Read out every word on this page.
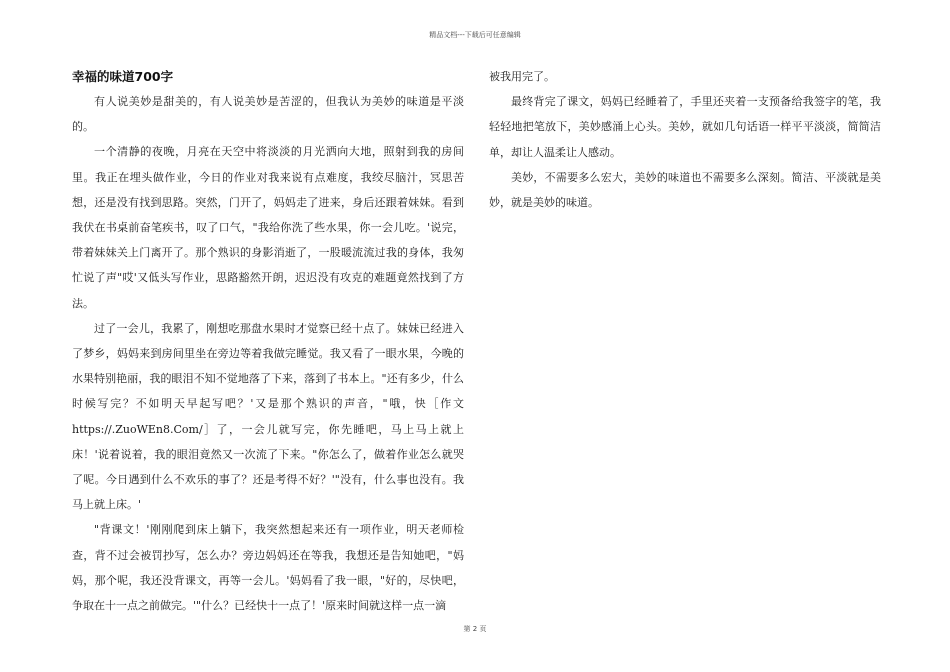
精品文档---下载后可任意编辑
幸福的味道700字

有人说美妙是甜美的，有人说美妙是苦涩的，但我认为美妙的味道是平淡的。

一个清静的夜晚，月亮在天空中将淡淡的月光洒向大地，照射到我的房间里。我正在埋头做作业，今日的作业对我来说有点难度，我绞尽脑汁，冥思苦想，还是没有找到思路。突然，门开了，妈妈走了进来，身后还跟着妹妹。看到我伏在书桌前奋笔疾书，叹了口气，"我给你洗了些水果，你一会儿吃。'说完，带着妹妹关上门离开了。那个熟识的身影消逝了，一股暖流流过我的身体，我匆忙说了声"哎'又低头写作业，思路豁然开朗，迟迟没有攻克的难题竟然找到了方法。

过了一会儿，我累了，刚想吃那盘水果时才觉察已经十点了。妹妹已经进入了梦乡，妈妈来到房间里坐在旁边等着我做完睡觉。我又看了一眼水果，今晚的水果特别艳丽，我的眼泪不知不觉地落了下来，落到了书本上。"还有多少，什么时候写完？不如明天早起写吧？'又是那个熟识的声音，"哦，快［作文https://.ZuoWEn8.Com/］了，一会儿就写完，你先睡吧，马上马上就上床！'说着说着，我的眼泪竟然又一次流了下来。"你怎么了，做着作业怎么就哭了呢。今日遇到什么不欢乐的事了？还是考得不好？'"没有，什么事也没有。我马上就上床。'

"背课文！'刚刚爬到床上躺下，我突然想起来还有一项作业，明天老师检查，背不过会被罚抄写，怎么办？旁边妈妈还在等我，我想还是告知她吧，"妈妈，那个呢，我还没背课文，再等一会儿。'妈妈看了我一眼，"好的，尽快吧，争取在十一点之前做完。'"什么？已经快十一点了！'原来时间就这样一点一滴

被我用完了。

最终背完了课文，妈妈已经睡着了，手里还夹着一支预备给我签字的笔，我轻轻地把笔放下，美妙感涌上心头。美妙，就如几句话语一样平平淡淡，简简洁单，却让人温柔让人感动。

美妙，不需要多么宏大，美妙的味道也不需要多么深刻。简洁、平淡就是美妙，就是美妙的味道。

第 2 页
